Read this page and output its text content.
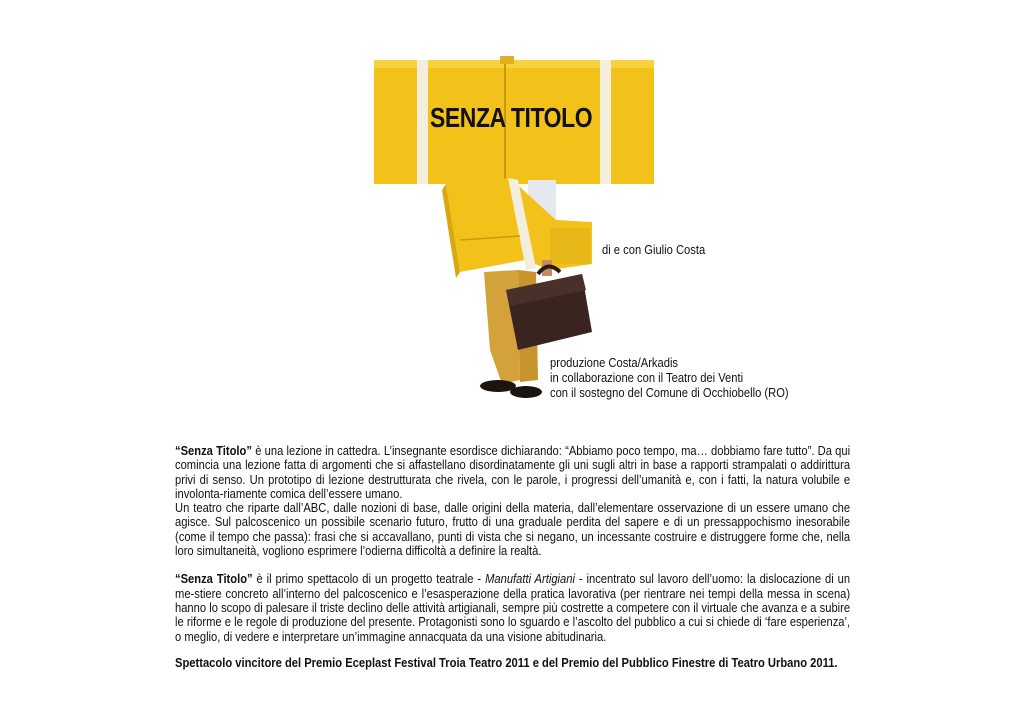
SENZA TITOLO
di e con Giulio Costa
produzione Costa/Arkadis
in collaborazione con il Teatro dei Venti
con il sostegno del Comune di Occhiobello (RO)

“Senza Titolo” è una lezione in cattedra. L’insegnante esordisce dichiarando: “Abbiamo poco tempo, ma… dobbiamo fare tutto”. Da qui comincia una lezione fatta di argomenti che si affastellano disordinatamente gli uni sugli altri in base a rapporti strampalati o addirittura privi di senso. Un prototipo di lezione destrutturata che rivela, con le parole, i progressi dell’umanità e, con i fatti, la natura volubile e involonta-riamente comica dell’essere umano.

Un teatro che riparte dall’ABC, dalle nozioni di base, dalle origini della materia, dall’elementare osservazione di un essere umano che agisce. Sul palcoscenico un possibile scenario futuro, frutto di una graduale perdita del sapere e di un pressappochismo inesorabile (come il tempo che passa): frasi che si accavallano, punti di vista che si negano, un incessante costruire e distruggere forme che, nella loro simultaneità, vogliono esprimere l’odierna difficoltà a definire la realtà.

“Senza Titolo” è il primo spettacolo di un progetto teatrale - Manufatti Artigiani - incentrato sul lavoro dell’uomo: la dislocazione di un me-stiere concreto all’interno del palcoscenico e l’esasperazione della pratica lavorativa (per rientrare nei tempi della messa in scena) hanno lo scopo di palesare il triste declino delle attività artigianali, sempre più costrette a competere con il virtuale che avanza e a subire le riforme e le regole di produzione del presente. Protagonisti sono lo sguardo e l’ascolto del pubblico a cui si chiede di ‘fare esperienza’, o meglio, di vedere e interpretare un’immagine annacquata da una visione abitudinaria.

Spettacolo vincitore del Premio Eceplast Festival Troia Teatro 2011 e del Premio del Pubblico Finestre di Teatro Urbano 2011.
